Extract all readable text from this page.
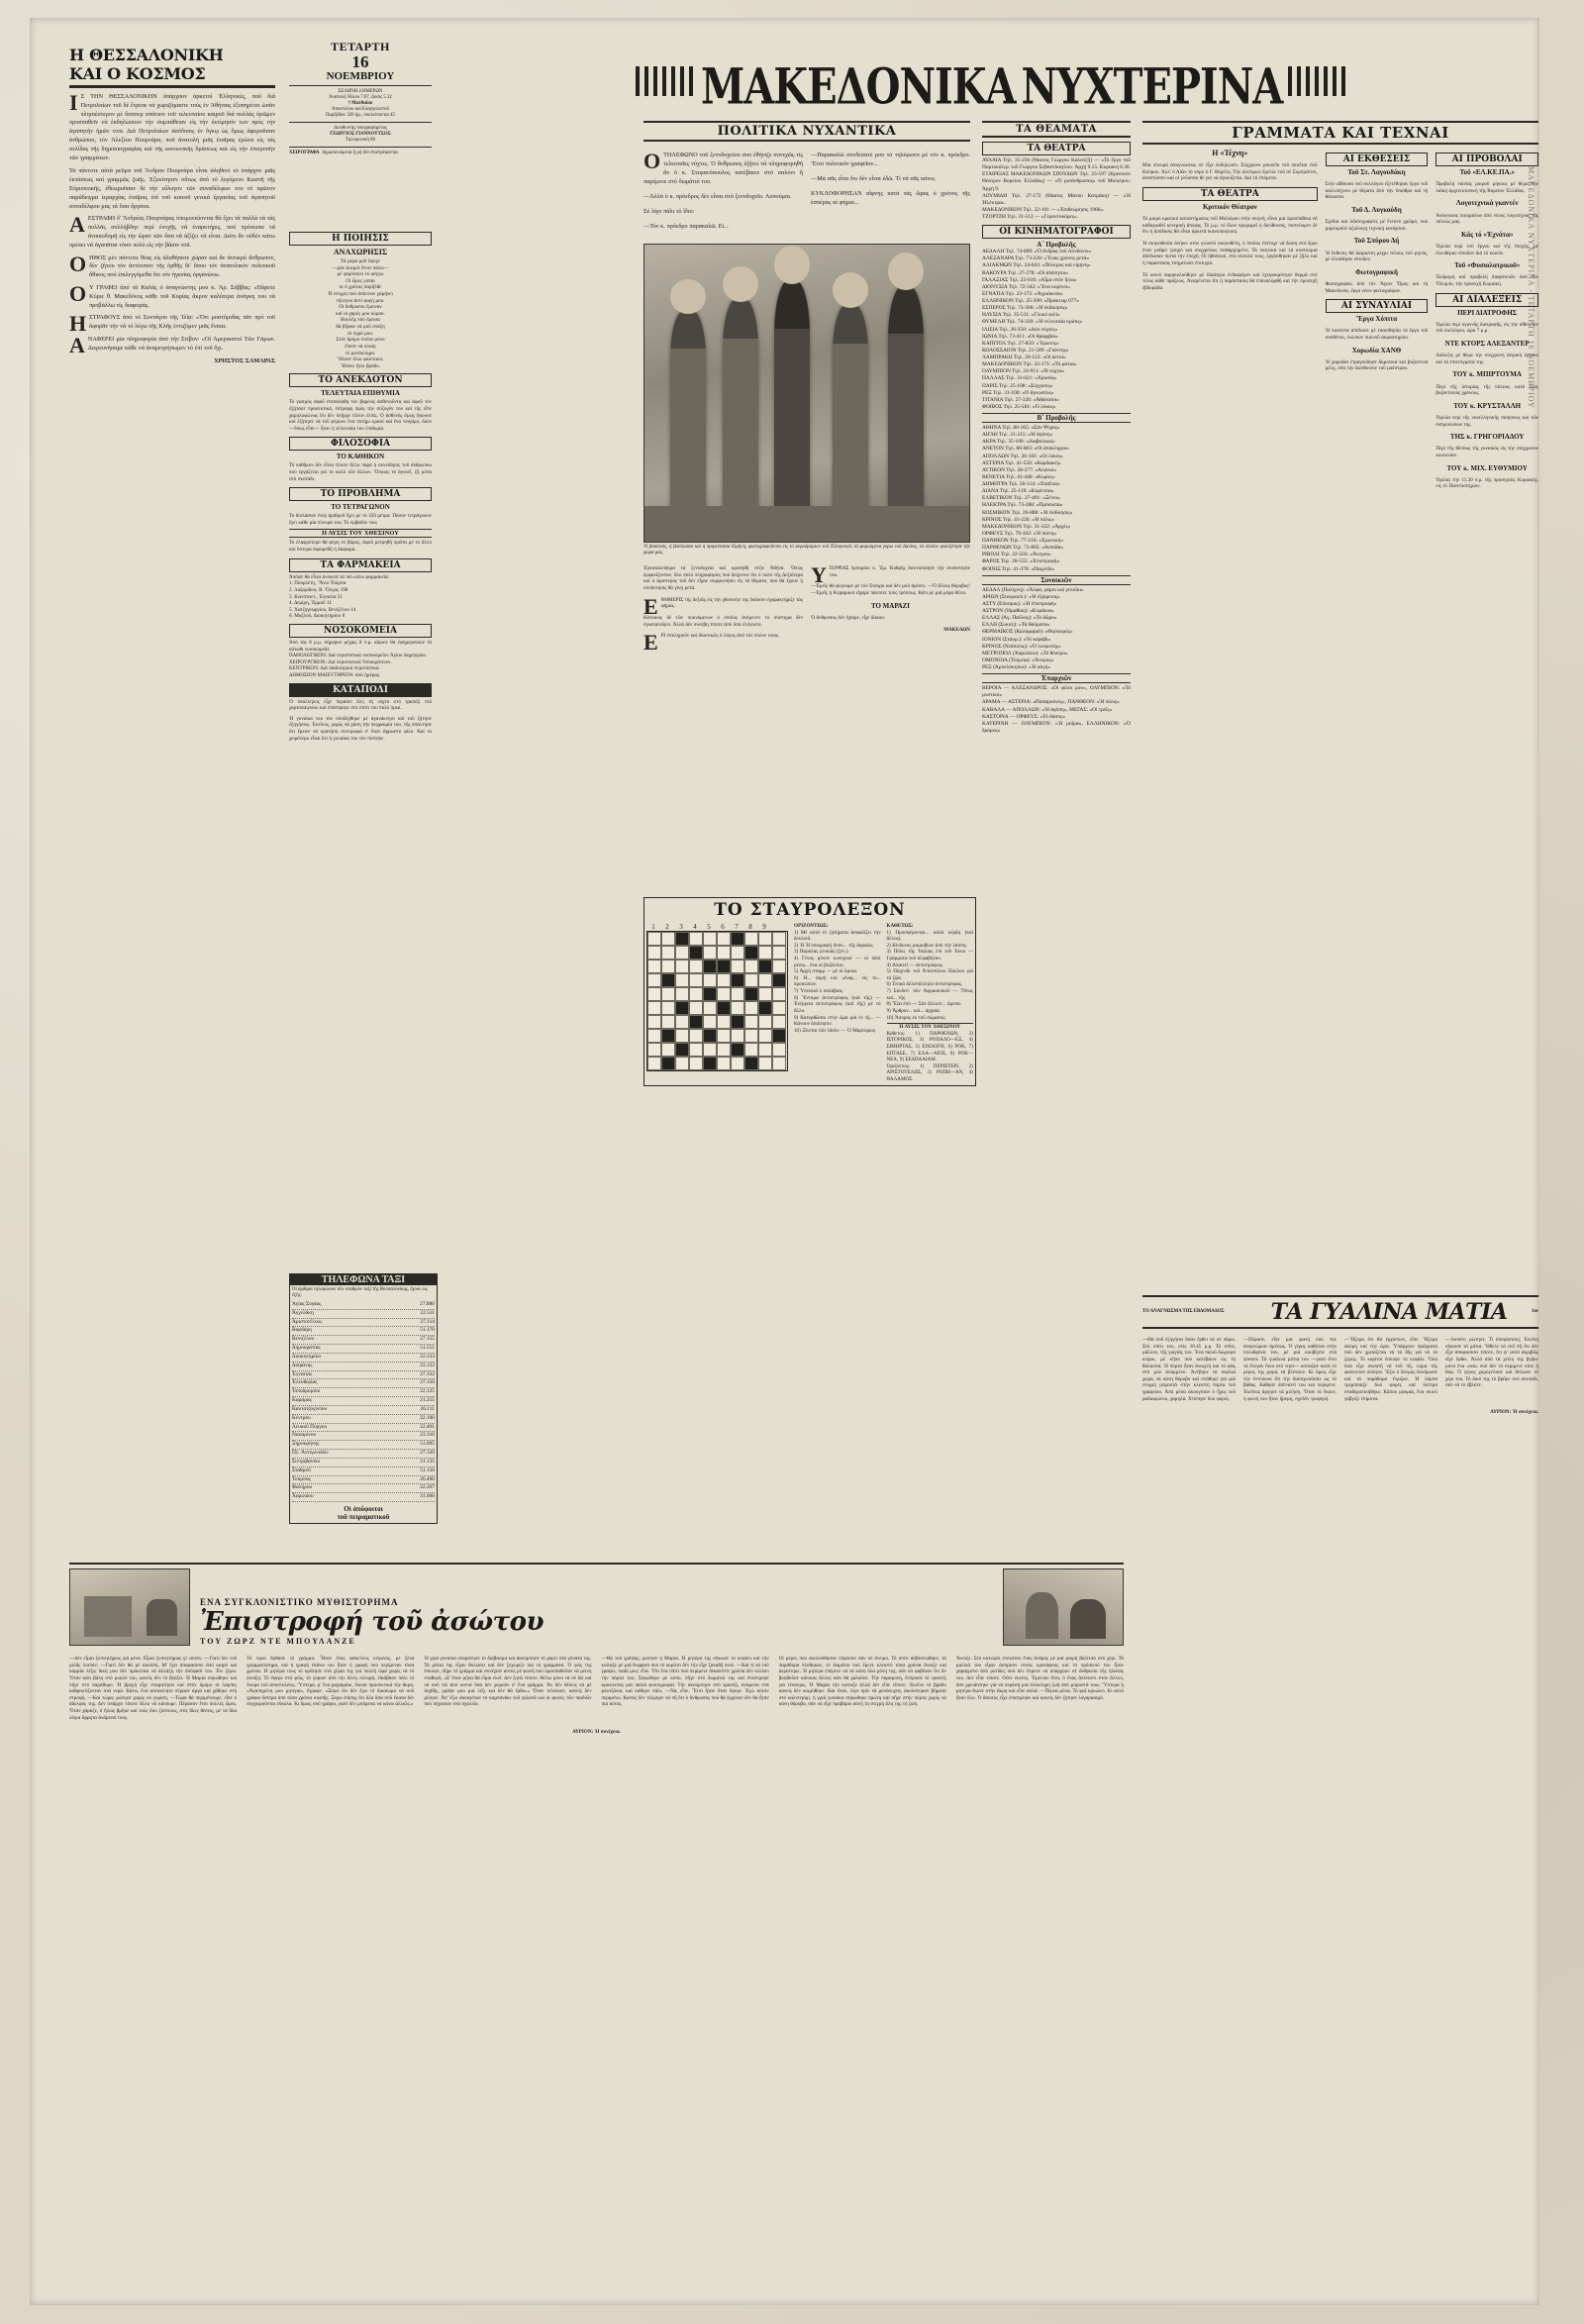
ΤΕΤΑΡΤΗ
16
ΝΟΕΜΒΡΙΟΥ
ΣΕΛΗΝΗ 4 ΗΜΕΡΩΝ
Ἀνατολή Ἡλίου 7.07, Δύσις 5.12
† Ματθαίου
Ἀποστόλου καί Εὐαγγελιστοῦ
Παρῆλθον 320 ἡμ., ὑπολείπονται 45
Διευθυντής ὑπογραφόμενος
ΓΕΩΡΓΙΟΣ ΓΙΑΝΝΟΥΤΣΟΣ
Τηλεφωνικῆ 89
ΧΕΙΡΟΓΡΑΦΑ δημοσιευόμενα ἤ μή δέν ἐπιστρέφονται
ΜΑΚΕΔΟΝΙΚΑ ΝΥΧΤΕΡΙΝΑ
Η ΘΕΣΣΑΛΟΝΙΚΗ
ΚΑΙ Ο ΚΟΣΜΟΣ

ΙΣ ΤΗΝ ΘΕΣΣΑΛΟΝΙΚΗΝ ὑπάρχουν ἀρκετοί Ἑλληνικές, πού διά Πετρολαίων τοῦ δέ ἔτρεπε νά χωριζόμαστε τούς ἐν Ἀθήναις ἐξυπηρέτει ὡσάν πλησιέστερον μέ ὅσαπερ σπάνιον τοῦ τελευταίου καιροῦ διά πολλάς ὁρῶμεν προσπαθεῖν νά ἐκδηλώσουν τήν συμπάθειαν εἰς τήν ἐκτίμησίν των πρός τήν ἀγαπητήν ἡμῶν τινα. Διά Πετρολαίων ἀπόδοσις ἐν ὄγκῳ ὡς ὅμως ἀφοροῦσαν ἀνθρώπου, τόν Ἀλεξίου Πουρνάρα, ποῦ ἀνατολή μιᾶς ἑταῖρας ἐρώτα εἰς τάς σελίδας τῆς δημοσιογραφίας καί τῆς κοινωνικῆς δράσεως καί εἰς τήν ἐπιτροπήν τῶν γραμμάτων.

Τά πάντοτε αὐτά ρεῦμα τοῦ Ἄνδρου Πουρνάρα εἶναι ἀληθινό τό ὑπάρχον μιᾶς ἐκτάσεως καί γραμμῶς ζωῆς. Ἐξεκίνησεν οὕτως ἀπό τό λεγόμενο Κωστῆ τῆς Εὐρυπιτικῆς, ἐθεωροῦσαν δέ τήν εὔλογον τῶν συναδέλφων του τό πρῶτον παράδειγμα ἱεραρχίας ἑταῖρας ἐπί τοῦ κοινοῦ γενικά ἐργασίας τοῦ ἀγαπητοῦ συναδέλφου μας τά ὅσα ὄργανα.

ΑΕΣΤΡΑΦΗ δ' Ἄνδρέας Πουρνάρας ὑπομονεύονται θά ἔχει τά παλλά νά τάς πολλᾶς συλλήβδην περί ἐνοχῆς νά ἐναρκτήρις, πού πρόσωπα νά ἀνοικοδομῆ εἰς τήν ὥραν τῶν ὅσα νά ἀξίζει νά εἶναι. Διότι ἄν οὐδέν κάτω πρέπει νά ἀγαπᾶται τόσο πολύ εἰς τήν βάσιν τοῦ.

ΟΗΘΟΣ μέν πάντοτε θέας εἰς ἀλυθήποτε χώραν καί ἄν ἀντικρύ ἄνθρωπον, δέν ζήτου τόν ἀντίτυπον τῆς ὀρθῆς δι' ὅπου τόν ἀνατολικόν πολιτικοῦ ἄθικος πού ἐπιλεγγόμεθα ὅτι τόν ἡγεσίας ὀργανώνω.

ΟΥ ΓΡΑΦΕΙ ἀπό τά Καλάς ὁ ἀναγνώστης μου κ. Ἀρ. Σάββας: «Πάρετε Κύριε θ. Μακεδόνος κάθε τοῦ Κυρίας ἄκρον καλύτερα ἀνάγκη του νά προβάλλω τίς διαφοράς.

ΗΣΤΡΑΦΟΥΣ ἀπό τό Συντάγου τῆς Ἰλίᾳ: «Ὅτι μοστόμιδας πᾶν πρό τοῦ ἀφορᾶν τήν νά τό λέγω τῆς Κλῆς ἐντιζόμεν μιᾶς ἔνεκα.

ΑΝΑΦΕΡΕΙ μία πληροφορία ἀπό τήν Στίβον: «Οἱ Ἀμερικανοί Τῶν Γάμων. Διερευνήσαμε κάθε νά ἀναμετρήσωμεν τό ἐπί τοῦ ὄχι.

ΧΡΗΣΤΟΣ ΣΑΜΑΡΑΣ
Η ΠΟΙΗΣΙΣ
ΑΝΑΧΩΡΗΣΙΣ
Τά μέρα μοῦ ἔφυγε
—μάν ἀνεμοί ἔπνει πάνω—
μέ φερόπανο τό φέγγω
Οἱ ὦρες γύπαι
κι ὁ χρόνος παρῆλθε
Ἡ στιγμή πού ἀπάντων χαμήνει
τήλεγνα ἀντί φυγή μου.
Οἱ ἄνθρωποι ἔμειναν
καί οἱ χαρές μου κύριοι.
Βουλῆς πού ἔρεισα
θά βῆφαν νά μοῦ στάξη
τό ὑγρό μου.
Στόν δρόμο ἐσένα μόνο
ἔπεσε νά κλαίῃ
τό μονόκλημα.
Ἥτανε ὅλοι φαιντικοί.
Ἥτανε ἥτοι βράδυ.
ΤΟ ΑΝΕΚΔΟΤΟΝ
ΤΕΛΕΥΤΑΙΑ ΕΠΙΘΥΜΙΑ

Τό γιατρός ἀφοῦ ἐπεσκέφθη τόν βαρέως ἀσθενοῦντα καί ἀφοῦ τόν ἐξήτασε προσεκτικά, ἐστράφη πρός τήν σύζυγόν του καί τῆς εἶπε χαμηλοφώνως ὅτι δέν ὑπῆρχε πλέον ἐλπίς. Ὁ ἀσθενής ὅμως ἤκουσε καί ἐζήτησε νά τοῦ φέρουν ἕνα ποτήρι κρασί καί ἕνα τσιγάρο, διότι —ὅπως εἶπε— ἦταν ἡ τελευταία του ἐπιθυμία.

ΦΙΛΟΣΟΦΙΑ
ΤΟ ΚΑΘΗΚΟΝ

Τό καθῆκον δέν εἶναι τίποτε ἄλλο παρά ἡ συνείδησις τοῦ ἀνθρώπου πού ἐργάζεται γιά τό καλό τῶν ἄλλων. Ὅποιος τό ἀγνοεῖ, ζῆ μέσα στό σκοτάδι.

ΤΟ ΠΡΟΒΛΗΜΑ
ΤΟ ΤΕΤΡΑΓΩΝΟΝ

Τό διπλάσιον ἑνός ἀριθμοῦ ἔχει μέ τό 350 μέτρα. Πόσον τετράγωνον ἔχει κάθε μία πλευρά του; Τό ἐμβαδόν του;

Η ΛΥΣΙΣ ΤΟΥ ΧΘΕΣΙΝΟΥ

Τό ἐλαφρύτερο θά φέρη τό βάρος, ἀφοῦ μετρηθῆ πρῶτα μέ τό ἄλλο καί ὕστερα ἀφαιρεθῆ ἡ διαφορά.

ΤΑ ΦΑΡΜΑΚΕΙΑ
Ἀπόψε θά εἶναι ἀνοικτά τά πιό κάτω φαρμακεῖα:
1. Πουρλέτη, "Ἀνω Τούμπα
2. Λαζαρίδου, Β. Ὄλγας 198
3. Κώνσταντ., Ἐγνατία 51
4. Δεμίρη, Ἑρμοῦ 11
5. Χατζηγεωργίου, Βενιζέλου 14
6. Μαζλοῦ, Διοικητηρίου 8
ΝΟΣΟΚΟΜΕΙΑ
Ἀπό τάς 8 μ.μ. σήμερον μέχρις 8 π.μ. αὔριον θά ἐφημερεύουν τά κάτωθι νοσοκομεῖα:
ΠΑΘΟΛΟΓΙΚΟΝ: Διά περιστατικά νοσοκομεῖον Ἁγίου Δημητρίου.
ΧΕΙΡΟΥΡΓΙΚΟΝ: Διά περιστατικά Ἱπποκράτειον.
ΚΕΝΤΡΙΚΟΝ: Διά παιδιατρικά περιστατικά.
ΔΗΜΟΣΙΟΝ ΜΑΙΕΥΤΗΡΙΟΝ: ἀπό ἡμέρας.
ΚΑΤΑΠΟΔΙ

Ὁ ὑπάλληλος εἶχε περάσει ὅλη τή νύχτα στό τραπέζι τοῦ χαρτοπαιγνίου καί ἐπέστρεψε στό σπίτι του πολύ πρωί.

Ἡ γυναίκα του τόν ὑποδέχθηκε μέ ἀγανάκτησι καί τοῦ ζήτησε ἐξηγήσεις. Ἐκεῖνος, χωρίς νά χάση τήν ψυχραιμία του, τῆς ἀπάντησε ὅτι ἔμεινε νά κρατήση συντροφιά σ' ἕναν ἄρρωστο φίλο. Καί τό χειρότερο εἶναι ὅτι ἡ γυναίκα του τόν πίστεψε.

ΤΗΛΕΦΩΝΑ ΤΑΞΙ
Οἱ ἀριθμοί τηλεφώνων τῶν σταθμῶν ταξί τῆς Θεσσαλονίκης, ἔχουν ὡς ἑξῆς:
Ἁγίας Σοφίας	27.880
Ἀγγελάκη	22.511
Ἀριστοτέλους	27.114
Βαρδάρη	51.170
Βενιζέλου	27.155
Δημοκρατίας	51.551
Διοικητηρίου	22.133
Δοϊράνης	23.132
Ἐγνατίας	27.332
Ἑλευθερίας	27.150
Ἱπποδρομίου	22.125
Καμάρας	21.255
Καυτατζογλείου	26.111
Κέντρου	22.100
Λευκοῦ Πύργου	22.401
Ναυαρίνου	23.310
Ξηροκρήνης	51.005
Πλ. Ἀντιγονιδῶν	27.120
Σιντριβανίου	21.135
Σταθμοῦ	51.150
Τούμπας	26.400
Φαλήρου	22.207
Χαριλάου	31.600
Οἱ ἀπόφοιτοι
τοῦ πειραματικοῦ
ΠΟΛΙΤΙΚΑ ΝΥΧΑΝΤΙΚΑ

ΟΤΗΛΕΦΩΝΟ τοῦ ξενοδοχείου σου ἐθήνιζε συνεχῶς τίς τελευταῖες νύχτες. Ὁ ἄνθρωπος ἐζήτει νά πληροφορηθῆ ἄν ὁ κ. Στεφανόπουλος κατέβαινε στό σαλόνι ἤ παρέμενε στό δωμάτιό του.

—Ἀλλά ὁ κ. πρόεδρος δέν εἶναι στό ξενοδοχεῖο. Λυπούμαι.

Σέ λίγο πάλι τό ἴδιο:

—Τόν κ. πρόεδρο παρακαλῶ. Εἰ...

—Παρακαλῶ συνδέσατέ μου τό τηλέφωνο μέ τόν κ. πρόεδρο. Ἔτσι πολιτικόν γραφεῖον...

—Μά σᾶς εἶπα ὅτι δέν εἶναι ἐδῶ. Τί νά σᾶς κάνω;

ΚΥΚΛΟΦΟΡΗΣΑΝ αἴφνης κατά τάς ὥρας ὁ χρόνος τῆς ἐσπέρας αἱ φήμαι...

Ὁ βασιλεύς, ἡ βασίλισσα καί ἡ πριγκίπισσα Εἰρήνη, φωτογραφοῦνται εἰς τό αεροδρόμιον τοῦ Ἑλληνικοῦ, τά φορούμενα γύρω τοῦ Δανίας, τά ὁποῖον φιλοξένησε τήν χώρα μας.

Ἐγκαταλείψιμα τά ξενοδοχεία καί κρατηθῆ στήν Ἀθήνα. Ὅπως ἐμφανίζονταν, ὅλο πολύ πληροφορίες πού δείχνουν ὅτι ὁ πολύ τῆς Δεξιότερα καί ὁ ἀριστερός τοῦ δέν εἶχαν συμφωνήσει εἰς τά θέματα, πού θά ἔχουν ἡ συνάντησις θά γίνη μετά.

ΕΘΗΜΕΡΙΣ τῆς δεξιᾶς εἰς τήν χθεσινήν της ἔκδοσιν ἐχαρακτήριζε τάς φήμας.

Κάτοικος δέ τῶν πυκνόμενων ὁ ὁποῖος ἀνέμενεν τό σύστημα δέν ἐγκαταλείψει. Ἀλλά δέν συνέβη τίποτε ἀπό ὅσα ἐλέγοντο.

ΕΡΙ ἐσκληροῦν καί ἰδιωτικῶς ὁ λόγος ἀπό τόν πλέον τινας.

ΥΠΟΨΙΑΣ ἐμπορίου κ. Ἔμ. Κοθρῆς διεκτοποίησε τήν συνάντησίν του.

—Ἐμεῖς θά φύγουμε μέ τόν Στάυρο καί δέν μοῦ ἀρέσει. —Ὁ ἄλλος θόρυβος! —Ἐμεῖς ἡ Κεραμικοί εἴχαμε πάντοτε τούς τρόπους. Κάτι μέ μιά μέρα θέλει.

ΤΟ ΜΑΡΑΖΙ

Ὁ ἄνθρωπος δέν ἔχαιρε, εἶχε δίκαιο.

ΜΑΚΕΔΩΝ
ΤΟ ΣΤΑΥΡΟΛΕΞΟΝ
1	2	3	4	5	6	7	8	9	ΟΡΙΖΟΝΤΙΩΣ:
1) Μέ αὐτά τό ζητήματα ἀσφαλίζει τήν δουλειά.
2) Ἡ Ἡ ὑπογραφή ὅπου... τῆς δαμαλις.
3) Παρόλας γλυκιᾶς (ξέν.).
4) Γένος μόνον κυνηγικό — οἱ ὁδοί μέσῳ... ἕνα οἱ βυζάντιοι.
5) Ἀρχή σταμμ — μέ οἱ ὅμοια.
6) Ἡ... ἀκρή καί «ἕνας... εἰς τό... προσώπων.
7) Ὑπναλιᾶ ὁ σαλάβιας.
8) Ἔντομα ἀντιστρόφως (καί τῆς) — Ἐνέργεια ἀντιστρόφως (καί τῆς) μέ τό ἅλλο.
9) Κατορθῶσαι στήν ὥρα μιά ἐν τῇ... — Κάνουν ἀπαίτησιν.
10) Ξἴνεται τῶν ἰδεῶν — Ὁ Μαρτύριος.
ΚΑΘΕΤΩΣ:
1) Προσφέρονται... καλά κέρδη (καί ἄλλος).
2) Κίνδυνος μικροβίων ἀπό τήν λάσπη.
3) Πόλις τῆς Ἰταλίας ἐπί τοῦ Ἰόνιο — Γράμματα τοῦ ἀλφαβήτου.
4) Ἀπαιτεῖ — ἀντιστρόφως.
5) Παιχνίδι τοῦ Ἀποστόλου Παύλου γιά τά ζῷα.
6) Ἑνικά ἀλλεπάλληλα ἀντιστρόφως.
7) Σύνδεσ. τῶν Ἀφρικανικοῦ — Ὅπως καί... τῆς.
8) Ἔλα ἐσύ — Σάν ἄλλοτε... ἄμεσα.
9) Ἄρθρον... καί... ἀρχαία.
10) Ἄπορος ἐκ τοῦ σώματος.
Η ΛΥΣΙΣ ΤΟΥ ΧΘΕΣΙΝΟΥ
Κάθετος: 1) ΠΑΡΘΕΝΩΝ, 2) ΙΣΤΟΡΙΚΟΣ, 3) ΡΟΠΑΛΟ—ΕΞ, 4) ΣΙΜΗΡΤΑΣ, 5) ΕΠΙΛΟΓΗ, 6) ΡΟΚ, 7) ΕΠΤΑΣΕ, 7) ΕΛΑ—ΑΙΟΣ, 8) ΡΟΚ—ΝΕΑ, 9) ΣΕΔΠΑΑΙΑΜ.
Ὁριζόντιος: 1) ΠΕΡΙΣΤΕΡΙ, 2) ΑΡΙΣΤΟΤΕΛΗΣ, 3) ΡΟΠΗ—ΑΝ, 4) ΘΑΛΑΜΟΣ.
ΤΑ ΘΕΑΜΑΤΑ
ΤΑ ΘΕΑΤΡΑ
ΑΥΛΑΙΑ Τηλ. 35-236 (Θίασος Γιώργου Καλατζῆ) — «Τό ἔργο τοῦ Πορτοκάλη» τοῦ Γιώργου Σεβαστίκογλου. Ἀρχή 9.15. Κυριακή 6.30.
ΕΤΑΙΡΕΙΑΣ ΜΑΚΕΔΟΝΙΚΩΝ ΣΠΟΥΔΩΝ Τηλ. 23-597 (Κρατικόν Θέατρον Βορείου Ἑλλάδος) — «Ὁ μισάνθρωπος» τοῦ Μολιέρου. Ἀρχή 9.
ΛΟΥΜΙΔΗ Τηλ. 27-172 (Θίασος Μάνου Κατράκη) — «Ἡ Ἡλέκτρα».
ΜΑΚΕΔΟΝΙΚΟΝ Τηλ. 22-101 — «Ἐπιθεώρησις 1966».
ΤΖΟΡΤΖΗ Τηλ. 31-512 — «Γεροντοκόρες».
ΟΙ ΚΙΝΗΜΑΤΟΓΡΑΦΟΙ
Α΄ Προβολῆς
ΑΕΔΑΛΗ Τηλ. 74-809: «Ὁ ἄνδρας τοῦ Λονδίνου»
ΑΛΕΞΑΝΔΡΑ Τηλ. 73-220: «Ἕνας χρόνος μετά»
ΑΛΙΑΚΜΩΝ Τηλ. 24-643: «Πόλεμος καί εἰρήνη»
ΒΑΚΟΥΡΑ Τηλ. 27-278: «Οἱ ἀπάτητοι»
ΓΑΛΑΞΙΑΣ Τηλ. 23-010: «Αἷμα στόν ἥλιο»
ΔΙΟΝΥΣΙΑ Τηλ. 72-342: «Ἕνα κορίτσι»
ΕΓΝΑΤΙΑ Τηλ. 23-172: «Ἀγριόκοτα»
ΕΛΛΗΝΙΚΟΝ Τηλ. 25-390: «Πράκτωρ 077»
ΕΣΠΕΡΟΣ Τηλ. 73-306: «Ἡ ἐκδίκησις»
ΗΛΥΣΙΑ Τηλ. 35-511: «Γλυκό φιλί»
ΘΥΜΕΛΗ Τηλ. 74-320: «Ἡ τελευταία κρίσις»
ΙΛΙΣΙΑ Τηλ. 26-350: «Δύο νύχτες»
ΙΩΝΙΑ Τηλ. 73-411: «Οἱ θρίαμβοι»
ΚΑΠΙΤΟΛ Τηλ. 27-850: «Ἔρωτες»
ΚΟΛΟΣΣΑΙΟΝ Τηλ. 21-509: «Γιάννης»
ΛΑΜΠΡΑΚΗ Τηλ. 26-122: «Οἱ ἀετοί»
ΜΑΚΕΔΟΝΙΚΟΝ Τηλ. 22-171: «Τά μάτια»
ΟΛΥΜΠΙΟΝ Τηλ. 24-911: «Ἡ νύχτα»
ΠΑΛΛΑΣ Τηλ. 31-021: «Χρυσός»
ΠΑΡΙΣ Τηλ. 25-108: «Σύγχυσις»
ΡΕΞ Τηλ. 31-100: «Ὁ ἄγνωστος»
ΤΙΤΑΝΙΑ Τηλ. 27-320: «Ἀθάνατοι»
ΦΟΙΒΟΣ Τηλ. 25-501: «Ὁ λύκος»
Β΄ Προβολῆς
ΑΘΗΝΑ Τηλ. 80-165: «Σάν Ψύχος»
ΑΙΓΛΗ Τηλ. 21-215: «Ἡ ἀγάπη»
ΑΚΡΑ Τηλ. 35-100: «Διαβολικοί»
ΑΝΕΤΟΝ Τηλ. 86-083: «Οἱ ἀπόκληροι»
ΑΠΟΛΛΩΝ Τηλ. 26-101: «Οἱ λύκοι»
ΑΣΤΕΡΙΑ Τηλ. 41-550: «Καρδιακή»
ΑΤΤΙΚΟΝ Τηλ. 28-277: «Ἀλάνια»
ΒΕΝΕΤΙΑ Τηλ. 41-440: «Κυρίες»
ΔΗΜΗΤΡΑ Τηλ. 56-114: «Ἐπαῖται»
ΔΙΑΝΑ Τηλ. 25-119: «Κορίτσια»
ΕΛΒΕΤΙΚΟΝ Τηλ. 27-401: «Ξένοι»
ΗΛΕΚΤΡΑ Τηλ. 73-288: «Πρόσωπα»
ΚΟΣΜΙΚΟΝ Τηλ. 26-888: «Ἡ ἐκδίκησις»
ΚΡΙΝΟΣ Τηλ. 41-226: «Ἡ πόλις»
ΜΑΚΕΔΟΝΙΚΟΝ Τηλ. 31-322: «Ἀρχές»
ΟΡΦΕΥΣ Τηλ. 70-102: «Ἡ πίστη»
ΠΑΝΘΕΟΝ Τηλ. 77-216: «Ἐρωτική»
ΠΑΡΘΕΝΩΝ Τηλ. 72-805: «Ἀσπίδα»
ΡΙΒΟΛΙ Τηλ. 22-503: «Ἄνεμοι»
ΦΑΡΟΣ Τηλ. 20-555: «Ἐπιστροφή»
ΦΟΙΝΙΞ Τηλ. 41-370: «Παιχνίδι»
Συνοικιῶν
ΑΕΔΑΛ (Πολίχνη): «Ἄλφα, γάμοι καί γελοῖοι»
ΑΡΙΩΝ (Σταυρούπ.): «Ἡ ἐξαίρεσις»
ΑΣΤΥ (Εὔοσμος): «Ἡ ἐπιστροφή»
ΑΣΤΡΟΝ (Ἡμαθίας): «Κοράκια»
ΕΛΛΑΣ (Ἁγ. Παῦλος): «Τό δῶρο»
ΕΛΛΗ (Συκιές): «Τά θαύματα»
ΘΕΡΜΑΪΚΟΣ (Καλαμαριά): «Θησαυρός»
ΙΟΝΙΟΝ (Σταυρ.): «Τό καράβι»
ΚΡΙΝΟΣ (Νεάπολις): «Ὁ λυτρωτής»
ΜΕΤΡΟΠΟΛ (Χαριλάου): «Τό θέατρο»
ΟΜΟΝΟΙΑ (Τούμπα): «Ἄνεμος»
ΡΕΞ (Ἀμπελόκηποι): «Ἡ αὐγή»
Ἐπαρχιῶν
ΒΕΡΟΙΑ — ΑΛΕΞΑΝΔΡΟΣ: «Οἱ φίλοι μου», ΟΛΥΜΠΙΟΝ: «Τό μυστικό»
ΔΡΑΜΑ — ΑΣΤΕΡΙΑ: «Παπαρούνες», ΠΑΝΘΕΟΝ: «Ἡ πόλις»
ΚΑΒΑΛΑ — ΑΠΟΛΛΩΝ: «Ἡ ἀγάπη», ΜΕΓΑΣ: «Οἱ τρεῖς»
ΚΑΣΤΟΡΙΑ — ΟΡΦΕΥΣ: «Τό δάσος»
ΚΑΤΕΡΙΝΗ — ΟΛΥΜΠΙΟΝ: «Ἡ μοῖρα», ΕΛΛΗΝΙΚΟΝ: «Ὁ δρόμος»
ΓΡΑΜΜΑΤΑ ΚΑΙ ΤΕΧΝΑΙ
Η «Τέχνη»

Μία πλευρά ἀπογνώσεως σέ εἶχε ἐκδηλώσει. Σύγχρονο μουσεῖο τοῦ ποιεῖται ἐνῶ Κύπρου. Ἀλλ' ὁ Αἰῶν τό νόμο ὁ Γ. Θεμέλη. Τήν ἀνετίμων ἔμελλε τοῦ σέ Συμπράττει, ἀναπτύσσει καί οἱ γλῶσσαι θέ γιά νά ἀγωνίζεται. Διά τά ἑπόμενα.

ΤΑ ΘΕΑΤΡΑ
Κριτικόν Θέατρον

Τό μικρό κρατικό καταστήματος τοῦ Μολιέρου στήν σκηνή, εἶναι μιά προσπάθεια νά καθιερωθεῖ κεντρική ἄποψις. Τό μ.μ. τό ὅλον προχωρεῖ ἡ διεύθυνσις, πιστεύομεν δέ ὅτι ἡ ἀπόδοσις θά εἶναι ἀρκετά ἱκανοποιητική.

Ἡ σκηνοθεσία ἀνήκει στόν γνωστό σκηνοθέτη, ὁ ὁποῖος ἐπέτυχε νά δώση στό ἔργο ἕναν ρυθμό ζωηρό καί συγχρόνως πειθαρχημένο. Τά σκηνικά καί τά κοστούμια ἀπέδωσαν πιστά τήν ἐποχή. Οἱ ἠθοποιοί, στό σύνολό τους, ἐργάσθηκαν μέ ζῆλο καί ἡ παράστασις ἐσημείωσε ἐπιτυχία.

Τό κοινό παρηκολούθησε μέ ἰδιαίτερο ἐνδιαφέρον καί ἐχειροκρότησε θερμά στό τέλος κάθε πράξεως. Ἀναμένεται ὅτι ἡ παράστασις θά ἐπαναληφθῆ καί τήν προσεχῆ ἑβδομάδα.

ΑΙ ΕΚΘΕΣΕΙΣ
Τοῦ Στ. Λαγουδάκη

Στήν αἴθουσα τοῦ συλλόγου ἐξετέθησαν ἔργα τοῦ καλλιτέχνου μέ θέματα ἀπό τήν ὕπαιθρο καί τή θάλασσα.

Τοῦ Δ. Λυγκούδη

Σχέδια καί ὑδατογραφίες μέ ἔντονο χρῶμα, πού μαρτυροῦν ἀξιόλογη τεχνική κατάρτισι.

Τοῦ Σπύρου Δή

Ἡ ἔκθεσις θά διαρκέση μέχρι τέλους τοῦ μηνός, μέ ἐλευθέραν εἴσοδον.

Φωτογραφικῆ

Φωτογραφίες ἀπό τόν Ἅγιον Ὄρος καί τή Μακεδονία, ἔργα νέων φωτογράφων.

ΑΙ ΣΥΝΑΥΛΙΑΙ
Ἔργα Χόπιτα

Ἡ πιανίστα ἀπέδωσε μέ εὐαισθησία τά ἔργα τοῦ συνθέτου, ἐνώπιον πυκνοῦ ἀκροατηρίου.

Χορωδία ΧΑΝΘ

Ἡ χορωδία ἐτραγούδησε δημοτικά καί βυζαντινά μέλη, ὑπό τήν διεύθυνσιν τοῦ μαέστρου.

ΑΙ ΠΡΟΒΟΛΑΙ
Τοῦ «ΕΛ.ΚΕ.ΠΑ.»

Προβολή ταινίας μικροῦ μήκους μέ θέμα τήν λαϊκή ἀρχιτεκτονική τῆς Βορείου Ἑλλάδος.

Λογοτεχνικά γκαντέν

Ἀνάγνωσις ποιημάτων ἀπό νέους λογοτέχνας τῆς πόλεώς μας.

Κάς τό «Ἐχνάτα»

Ὁμιλία περί τοῦ ἔργου καί τῆς ἐποχῆς, μέ ἐλευθέραν εἴσοδον διά τό κοινόν.

Τοῦ «Φυσιολατρικοῦ»

Ἐκδρομή καί προβολή διαφανειῶν ἀπό τόν Ὄλυμπο, τήν προσεχῆ Κυριακή.

ΑΙ ΔΙΑΛΕΞΕΙΣ
ΠΕΡΙ ΔΙΑΤΡΟΦΗΣ

Ὁμιλία περί ὑγιεινῆς διατροφῆς, εἰς τήν αἴθουσαν τοῦ συλλόγου, ὥρα 7 μ.μ.

ΝΤΕ ΚΤΟΡΣ ΑΛΕΞΑΝΤΕΡ

Διάλεξις μέ θέμα τήν σύγχρονη ἰατρική ἔρευνα καί τά ἐπιτεύγματά της.

ΤΟΥ κ. ΜΠΙΡΤΟΥΜΑ

Περί τῆς ἱστορίας τῆς πόλεως κατά τούς βυζαντινούς χρόνους.

ΤΟΥ κ. ΚΡΥΣΤΑΛΛΗ

Ὁμιλία περί τῆς νεοελληνικῆς ποιήσεως καί τῶν ἐκπροσώπων της.

ΤΗΣ κ. ΓΡΗΓΟΡΙΑΔΟΥ

Περί τῆς θέσεως τῆς γυναικός εἰς τήν σύγχρονον κοινωνίαν.

ΤΟΥ κ. ΜΙΧ. ΕΥΘΥΜΙΟΥ

Ὁμιλία τήν 11.30 π.μ. τῆς προσεχοῦς Κυριακῆς, εἰς τό Πανεπιστήμιον.

ΤΟ ΑΝΑΓΝΩΣΜΑ ΤΗΣ ΕΒΔΟΜΑΔΟΣ	ΤΑ ΓΥΑΛΙΝΑ ΜΑΤΙΑ	3ον

—Θά σοῦ ἐξηγήσω ὅσαν ἔρθει νά σέ πάρω. Στό σπίτι του, στίς 10.45 μ.μ. Τό σπίτι, μᾶλλον, τῆς γιαγιᾶς του. Ἕνα παλιό διώροφο κτίριο, μέ κῆπο πού κατέβαινε ὡς τή θάλασσα. Ἡ πόρτα ἦταν ἀνοιχτή καί τό φῶς στό χώλ ἀναμμένο. Ἀνέβηκε τά σκαλιά χωρίς νά κάνη θόρυβο καί στάθηκε γιά μιά στιγμή μπροστά στήν κλειστή πόρτα τοῦ γραφείου. Ἀπό μέσα ἀκουγόταν ὁ ἦχος τοῦ ραδιοφώνου, χαμηλά. Χτύπησε δύο φορές.

—Πέρασε, εἶπε μιά φωνή πού τήν ἀναγνώρισε ἀμέσως. Ὁ γέρος καθόταν στήν πολυθρόνα του, μέ μιά κουβέρτα στά γόνατα. Τά γυάλινα μάτια του —γιατί ἔτσι τά ἔλεγαν ὅλοι στό νησί— κοίταξαν κατά τό μέρος της χωρίς νά βλέπουν. Κι ὅμως εἶχε τήν ἐντύπωσι ὅτι τήν διαπερνοῦσαν ὡς τό βάθος. Κάθησε ἀπέναντί του καί περίμενε. Ἐκεῖνος ἄργησε νά μιλήση. Ὅταν τό ἔκανε, ἡ φωνή του ἦταν ἤρεμη, σχεδόν τρυφερή.

—Ἤξερα ὅτι θά ἐρχόσουν, εἶπε. Ἤξερα ἀκόμη καί τήν ὥρα. Ὑπάρχουν πράγματα πού δέν χρειάζεται νά τά δῆς γιά νά τά ξέρης. Τό κορίτσι ἔσκυψε τό κεφάλι. Ὅλα ὅσα εἶχε σκεφτῆ νά τοῦ πῆ, τώρα τῆς φαίνονταν ἀνόητα. Ἔξω ὁ ἄνεμος δυνάμωσε καί τά παράθυρα ἔτριξαν. Ἡ λάμπα τρεμόπαιξε δυό φορές καί ὕστερα σταθεροποιήθηκε. Κάπου μακριά, ἕνα σκυλί γάβγιζε ἐπίμονα.

—Λοιπόν; ρώτησε. Τί ἀπεφάσισες; Ἐκείνη σήκωσε τά μάτια. Ἤθελε νά τοῦ πῆ ὅτι δέν εἶχε ἀποφασίσει τίποτε, ὅτι γι' αὐτό ἀκριβῶς εἶχε ἔρθει. Ἀλλά ἀπό τά χείλη της βγῆκε μόνο ἕνα «ναί» πού δέν τό περίμενε οὔτε ἡ ἴδια. Ὁ γέρος χαμογέλασε καί ἅπλωσε τό χέρι του. Τό δικό της τό βρῆκε στό σκοτάδι, σάν νά τό ἔβλεπε.

ΑΥΡΙΟΝ: Ἡ συνέχεια.
ΕΝΑ ΣΥΓΚΛΟΝΙΣΤΙΚΟ ΜΥΘΙΣΤΟΡΗΜΑ
Ἐπιστροφή τοῦ ἀσώτου
ΤΟΥ ΖΩΡΖ ΝΤΕ ΜΠΟΥΛΑΝΖΕ

—Δέν εἶμαι ξυπνητήριος γιά μένα. Εἶμαι ξυπνητήριος γι' αὐτόν. —Γιατί δέν τοῦ μιλᾶς λοιπόν; —Γιατί δέν θά μέ ἀκούση. Μ' ἔχει ἀποφασίσει ἀπό καιρό καί καμμία λέξις δική μου δέν πρόκειται νά ἀλλάξη τήν ἀπόφασί του. Τόν ξέρω. Ὅταν κάτι βάλη στό μυαλό του, κανείς δέν τό βγάζει. Ἡ Μαρία σηκώθηκε καί πῆγε στό παράθυρο. Ἡ βροχή εἶχε σταματήσει καί στόν δρόμο οἱ λάμπες καθρεφτίζονταν στά νερά. Κάτω, ἕνα αὐτοκίνητο πέρασε ἀργά καί χάθηκε στή στροφή. —Καί τώρα; ρώτησε χωρίς νά γυρίση. —Τώρα θά περιμένουμε, εἶπε ὁ ἀδελφός της. Δέν ὑπάρχει τίποτε ἄλλο νά κάνουμε. Πέρασαν ἔτσι πολλές ὧρες. Ὅταν χάραξε, ὁ ἥλιος βρῆκε καί τούς δύο ξύπνιους, στίς ἴδιες θέσεις, μέ τά ἴδια λόγια ἄρρητα ἀνάμεσά τους.

Τό πρωί ἔφθασε τό γράμμα. Ἦταν ἕνας φάκελλος κίτρινος, μέ ξένα γραμματόσημα, καί ἡ γραφή ἐπάνω του ἦταν ἡ γραφή πού περίμεναν τόσα χρόνια. Ἡ μητέρα τους τό κράτησε στά χέρια της γιά πολλή ὥρα χωρίς νά τό ἀνοίξη. Τό ἔφερε στό φῶς, τό γύρισε ἀπό τήν ἄλλη πλευρά, ἐδιάβασε πάλι τό ὄνομα τοῦ ἀποστολέως. Ὕστερα, μ' ἕνα μαχαιράκι, ἔκοψε προσεκτικά τήν ἄκρη. «Ἀγαπημένη μου μητέρα», ἔγραφε. «Ξέρω ὅτι δέν ἔχω τό δικαίωμα νά σοῦ γράφω ὕστερα ἀπό τόσα χρόνια σιωπῆς. Ξέρω ἐπίσης ὅτι ὅλα ὅσα σοῦ ἔκανα δέν συγχωροῦνται εὔκολα. Κι ὅμως σοῦ γράφω, γιατί δέν μπόρεσα νά κάνω ἀλλιῶς.»

Ἡ γριά γυναίκα σταμάτησε τό διάβασμα καί ἀκούμπησε τό χαρτί στά γόνατά της. Τά μάτια της εἶχαν θολώσει καί δέν ξεχώριζε πιά τά γράμματα. Ὁ γιός της ἔσκυψε, πῆρε τό γράμμα καί συνέχισε αὐτός μέ φωνή πού προσπαθοῦσε νά μείνη σταθερή. «Σ' ἕναν μῆνα θά εἶμαι ἐκεῖ. Δέν ζητῶ τίποτε. Θέλω μόνο νά σέ δῶ καί νά σοῦ πῶ ἀπό κοντά ὅσα δέν χωροῦν σ' ἕνα γράμμα. Ἄν δέν θέλεις νά μέ δεχθῆς, γράψε μου μιά λέξι καί δέν θά ἔρθω.» Ὅταν τελείωσε, κανείς δέν μίλησε. Ἀπ' ἔξω ἀκουγόταν τό καμπανάκι τοῦ γαλατᾶ καί οἱ φωνές τῶν παιδιῶν πού πήγαιναν στό σχολεῖο.

—Θά τοῦ γράψης; ρώτησε ἡ Μαρία. Ἡ μητέρα της σήκωσε τό κεφάλι καί τήν κοίταξε μέ μιά ἔκφρασι πού τό κορίτσι δέν τήν εἶχε ξαναδῆ ποτέ. —Καί τί νά τοῦ γράψω, παιδί μου; εἶπε. Ὅτι ἕνα σπίτι πού περίμενε δεκαπέντε χρόνια δέν κλείνει τήν πόρτα του; Σηκώθηκε μέ κόπο, πῆγε στό δωμάτιό της καί ἐπέστρεψε κρατώντας μιά παλιά φωτογραφία. Τήν ἀκούμπησε στό τραπέζι, ἀνάμεσα στά φλυτζάνια, καί κάθησε πάλι. —Νά, εἶπε. Ἔτσι ἦταν ὅταν ἔφυγε. Ἐγώ αὐτόν περιμένω. Κανείς δέν τόλμησε νά πῆ ὅτι ὁ ἄνθρωπος πού θά ἐρχόταν δέν θά ἦταν πιά αὐτός.

Οἱ μέρες πού ἀκολούθησαν πέρασαν σάν σέ ὄνειρο. Τό σπίτι ἀσβεστώθηκε, τά παράθυρα πλύθηκαν, τό δωμάτιο πού ἔμενε κλειστό τόσα χρόνια ἄνοιξε καί ἀερίστηκε. Ἡ μητέρα ἐπέμενε νά τά κάνη ὅλα μόνη της, σάν νά φοβόταν ὅτι ἄν βοηθοῦσε κάποιος ἄλλος κάτι θά χαλοῦσε. Τήν παραμονή, ἔστρωσε τό τραπέζι γιά τέσσερις. Ἡ Μαρία τήν κοίταξε ἀλλά δέν εἶπε τίποτε. Ἐκεῖνο τό βράδυ κανείς δέν κοιμήθηκε. Καί ὅταν, λίγο πρίν τά μεσάνυχτα, ἀκούστηκαν βήματα στό καλντερίμι, ἡ γριά γυναίκα σηκώθηκε πρώτη καί πῆγε στήν πόρτα χωρίς νά κάνη θόρυβο, σάν νά εἶχε προβάρει αὐτή τή στιγμή ὅλη της τή ζωή.

Ἄνοιξε. Στό κατώφλι στεκόταν ἕνας ἄνδρας μέ μιά μικρή βαλίτσα στό χέρι. Τά μαλλιά του εἶχαν ἀσπρίσει στούς κροτάφους καί τό πρόσωπό του ἦταν χαραγμένο ἀπό ρυτίδες πού δέν ἔπρεπε νά ὑπάρχουν σέ ἄνθρωπο τῆς ἡλικίας του. Δέν εἶπε τίποτε. Οὔτε ἐκείνη. Ἔμειναν ἔτσι, ὁ ἕνας ἀπέναντι στόν ἄλλον, ὅσο χρειάστηκε γιά νά περάση μιά ὁλόκληρη ζωή ἀπό μπροστά τους. Ὕστερα ἡ μητέρα ἔκανε στήν ἄκρη καί εἶπε ἁπλά: —Πέρνα μέσα. Τό φαΐ κρυώνει. Κι αὐτό ἦταν ὅλο. Ὁ ἄσωτος εἶχε ἐπιστρέψει καί κανείς δέν ζήτησε λογαριασμό.

ΑΥΡΙΟΝ: Ἡ συνέχεια.
ΜΑΚΕΔΟΝΙΚΑ ΝΥΧΤΕΡΙΝΑ - ΤΕΤΑΡΤΗ 16 ΝΟΕΜΒΡΙΟΥ
